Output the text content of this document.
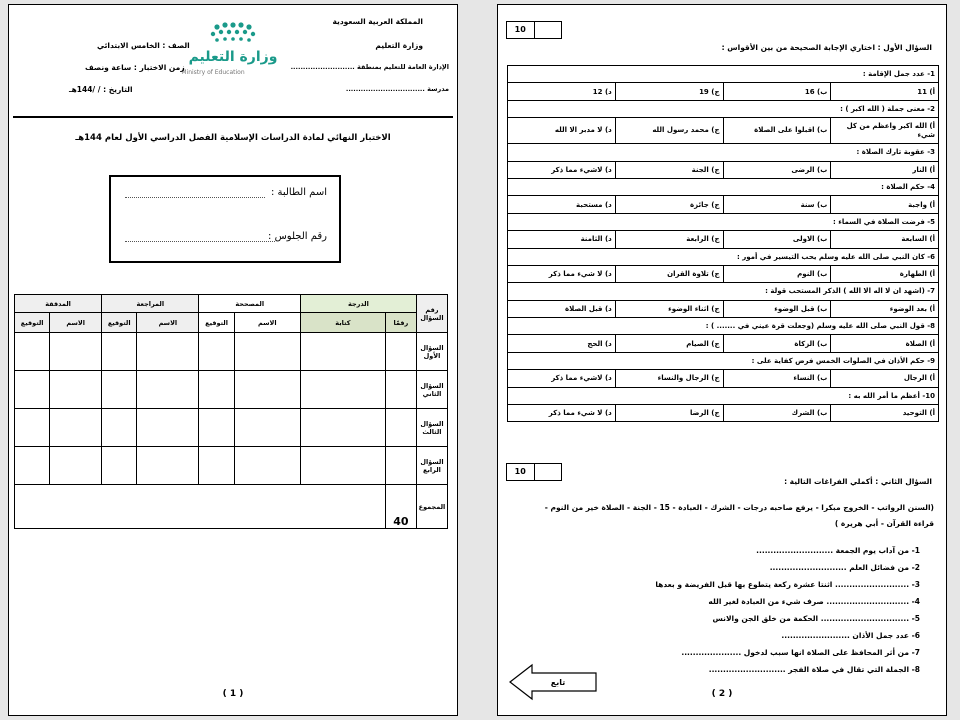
المملكة العربية السعودية
وزارة التعليم
الإدارة العامة للتعليم بمنطقة ..........................
مدرسة ................................
وزارة التعليم
Ministry of Education
الصف : الخامس الابتدائي
زمن الاختبار : ساعة ونصف
التاريخ : / /144هـ
الاختبار النهائي لمادة الدراسات الإسلامية الفصل الدراسي الأول لعام 144هـ
اسم الطالبة :
رقم الجلوس :
رقم السؤال	الدرجة		المصححة		المراجعة		المدققة	
	رقمًا	كتابة	الاسم	التوقيع	الاسم	التوقيع	الاسم	التوقيع
السؤال الأول								
السؤال الثاني								
السؤال الثالث								
السؤال الرابع								
المجموع	40							
( 1 )
10
السؤال الأول : اختاري الإجابة الصحيحة من بين الأقواس :
1- عدد جمل الإقامة :			
أ) 11	ب) 16	ج) 19	د) 12
2- معنى جملة ( الله اكبر ) :			
أ) الله اكبر واعظم من كل شيء	ب) اقبلوا على الصلاة	ج) محمد رسول الله	د) لا مدبر الا الله
3- عقوبة تارك الصلاة :			
أ) النار	ب) الرضى	ج) الجنة	د) لاشيء مما ذكر
4- حكم الصلاة :			
أ) واجبة	ب) سنة	ج) جائزة	د) مستحبة
5- فرضت الصلاة في السماء :			
أ) السابعة	ب) الاولى	ج) الرابعة	د) الثامنة
6- كان النبي صلى الله عليه وسلم يحب التيسير في أمور :			
أ) الطهارة	ب) النوم	ج) تلاوة القران	د) لا شيء مما ذكر
7- (اشهد ان لا اله الا الله ) الذكر المستحب قولة :			
أ) بعد الوضوء	ب) قبل الوضوء	ج) اثناء الوضوء	د) قبل الصلاة
8- قول النبي صلى الله عليه وسلم (وجعلت قرة عيني في ....... ) :			
أ) الصلاة	ب) الزكاة	ج) الصيام	د) الحج
9- حكم الأذان في الصلوات الخمس فرض كفاية على :			
أ) الرجال	ب) النساء	ج) الرجال والنساء	د) لاشيء مما ذكر
10- أعظم ما أمر الله به :			
أ) التوحيد	ب) الشرك	ج) الرضا	د) لا شيء مما ذكر
10
السؤال الثاني : أكملي الفراغات التالية :
(السنن الرواتب - الخروج مبكرا - يرفع صاحبه درجات - الشرك - العبادة - 15 - الجنة - الصلاة خير من النوم -
قراءة القرآن - أبي هريرة )
1- من آداب يوم الجمعة ...........................
2- من فضائل العلم ...........................
3- .......................... اثنتا عشرة ركعة يتطوع بها قبل الفريضة و بعدها
4- ............................. صرف شيء من العبادة لغير الله
5- ............................... الحكمة من خلق الجن والانس
6- عدد جمل الأذان ........................
7- من أثر المحافظ على الصلاة انها سبب لدخول .....................
8- الجملة التي تقال في صلاة الفجر ...........................
تابع
( 2 )
